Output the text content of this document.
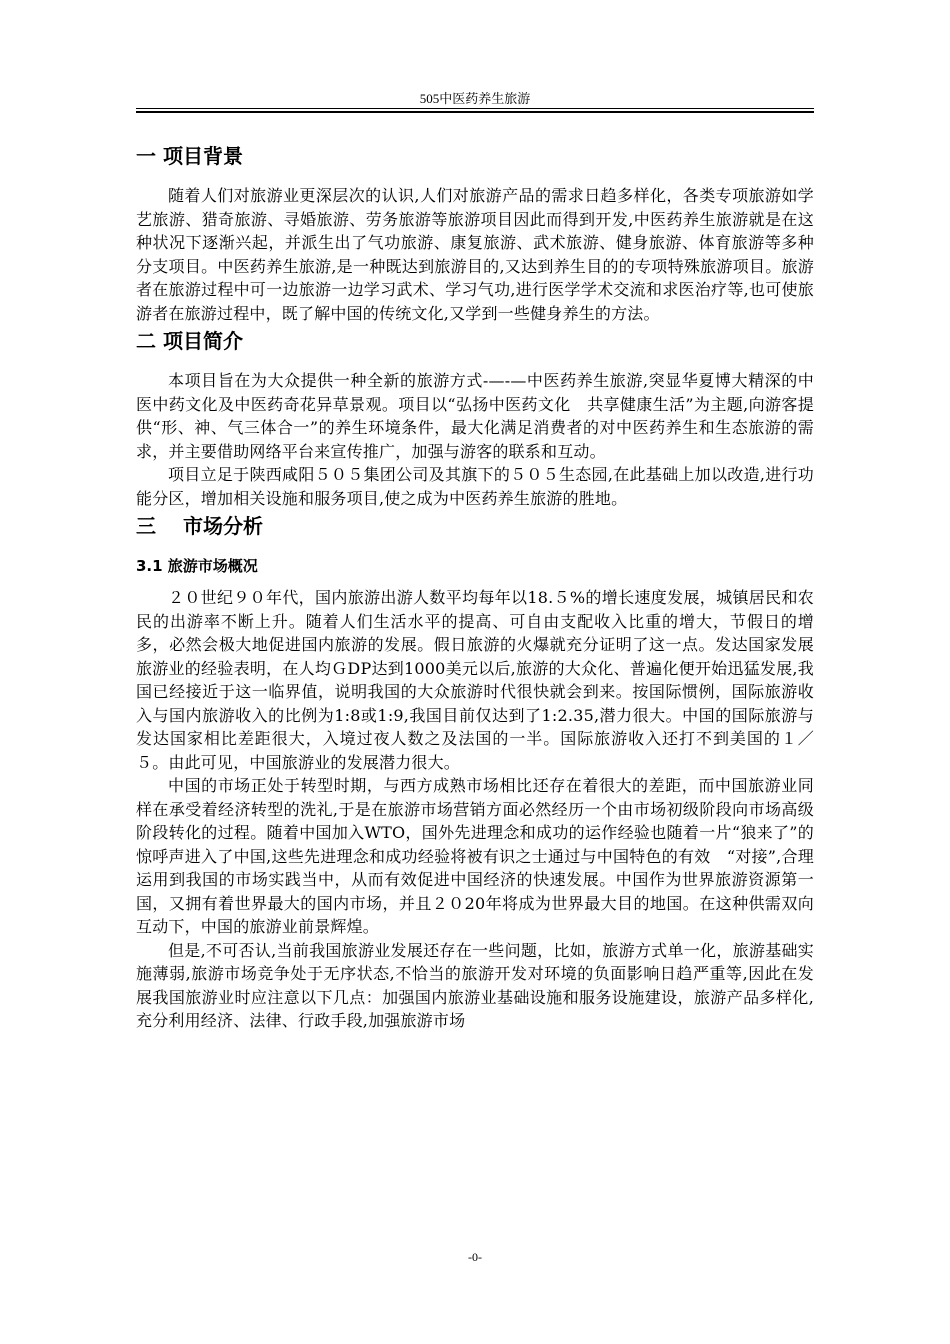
505中医药养生旅游
一 项目背景

随着人们对旅游业更深层次的认识,人们对旅游产品的需求日趋多样化，各类专项旅游如学艺旅游、猎奇旅游、寻婚旅游、劳务旅游等旅游项目因此而得到开发,中医药养生旅游就是在这种状况下逐渐兴起，并派生出了气功旅游、康复旅游、武术旅游、健身旅游、体育旅游等多种分支项目。中医药养生旅游,是一种既达到旅游目的,又达到养生目的的专项特殊旅游项目。旅游者在旅游过程中可一边旅游一边学习武术、学习气功,进行医学学术交流和求医治疗等,也可使旅游者在旅游过程中，既了解中国的传统文化,又学到一些健身养生的方法。

二 项目简介

本项目旨在为大众提供一种全新的旅游方式-—-—中医药养生旅游,突显华夏博大精深的中医中药文化及中医药奇花异草景观。项目以“弘扬中医药文化　共享健康生活”为主题,向游客提供“形、神、气三体合一”的养生环境条件，最大化满足消费者的对中医药养生和生态旅游的需求，并主要借助网络平台来宣传推广，加强与游客的联系和互动。

项目立足于陕西咸阳５０５集团公司及其旗下的５０５生态园,在此基础上加以改造,进行功能分区，增加相关设施和服务项目,使之成为中医药养生旅游的胜地。

三　 市场分析
3.1 旅游市场概况

２０世纪９０年代，国内旅游出游人数平均每年以18.５%的增长速度发展，城镇居民和农民的出游率不断上升。随着人们生活水平的提高、可自由支配收入比重的增大，节假日的增多，必然会极大地促进国内旅游的发展。假日旅游的火爆就充分证明了这一点。发达国家发展旅游业的经验表明，在人均ＧDP达到1000美元以后,旅游的大众化、普遍化便开始迅猛发展,我国已经接近于这一临界值，说明我国的大众旅游时代很快就会到来。按国际惯例，国际旅游收入与国内旅游收入的比例为1:8或1:9,我国目前仅达到了1:2.35,潜力很大。中国的国际旅游与发达国家相比差距很大，入境过夜人数之及法国的一半。国际旅游收入还打不到美国的１／５。由此可见，中国旅游业的发展潜力很大。

中国的市场正处于转型时期，与西方成熟市场相比还存在着很大的差距，而中国旅游业同样在承受着经济转型的洗礼,于是在旅游市场营销方面必然经历一个由市场初级阶段向市场高级阶段转化的过程。随着中国加入WTO，国外先进理念和成功的运作经验也随着一片“狼来了”的惊呼声进入了中国,这些先进理念和成功经验将被有识之士通过与中国特色的有效　“对接”,合理运用到我国的市场实践当中，从而有效促进中国经济的快速发展。中国作为世界旅游资源第一国，又拥有着世界最大的国内市场，并且２０20年将成为世界最大目的地国。在这种供需双向互动下，中国的旅游业前景辉煌。

但是,不可否认,当前我国旅游业发展还存在一些问题，比如，旅游方式单一化，旅游基础实施薄弱,旅游市场竞争处于无序状态,不恰当的旅游开发对环境的负面影响日趋严重等,因此在发展我国旅游业时应注意以下几点：加强国内旅游业基础设施和服务设施建设，旅游产品多样化,充分利用经济、法律、行政手段,加强旅游市场

-0-
